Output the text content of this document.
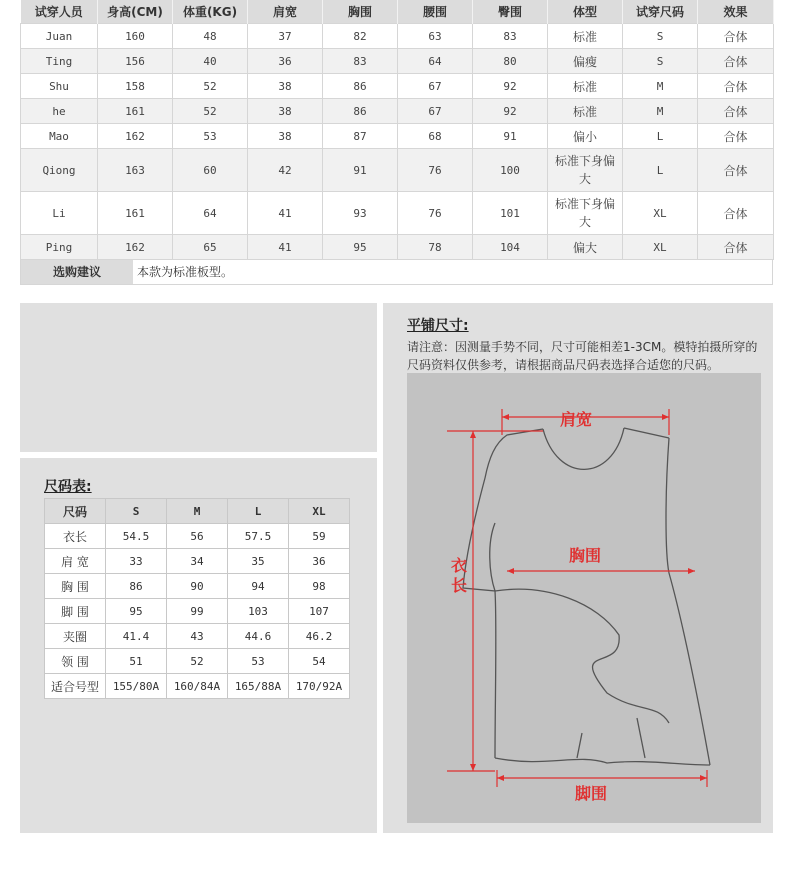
试穿人员	身高(CM)	体重(KG)	肩宽	胸围	腰围	臀围	体型	试穿尺码	效果
Juan	160	48	37	82	63	83	标准	S	合体
Ting	156	40	36	83	64	80	偏瘦	S	合体
Shu	158	52	38	86	67	92	标准	M	合体
he	161	52	38	86	67	92	标准	M	合体
Mao	162	53	38	87	68	91	偏小	L	合体
Qiong	163	60	42	91	76	100	标准下身偏大	L	合体
Li	161	64	41	93	76	101	标准下身偏大	XL	合体
Ping	162	65	41	95	78	104	偏大	XL	合体
选购建议	本款为标准板型。
尺码表:
尺码	S	M	L	XL
衣长	54.5	56	57.5	59
肩 宽	33	34	35	36
胸 围	86	90	94	98
脚 围	95	99	103	107
夹圈	41.4	43	44.6	46.2
领 围	51	52	53	54
适合号型	155/80A	160/84A	165/88A	170/92A
平铺尺寸:
请注意：因测量手势不同，尺寸可能相差1-3CM。模特拍摄所穿的尺码资料仅供参考，请根据商品尺码表选择合适您的尺码。
肩宽
胸围
衣
长
脚围
